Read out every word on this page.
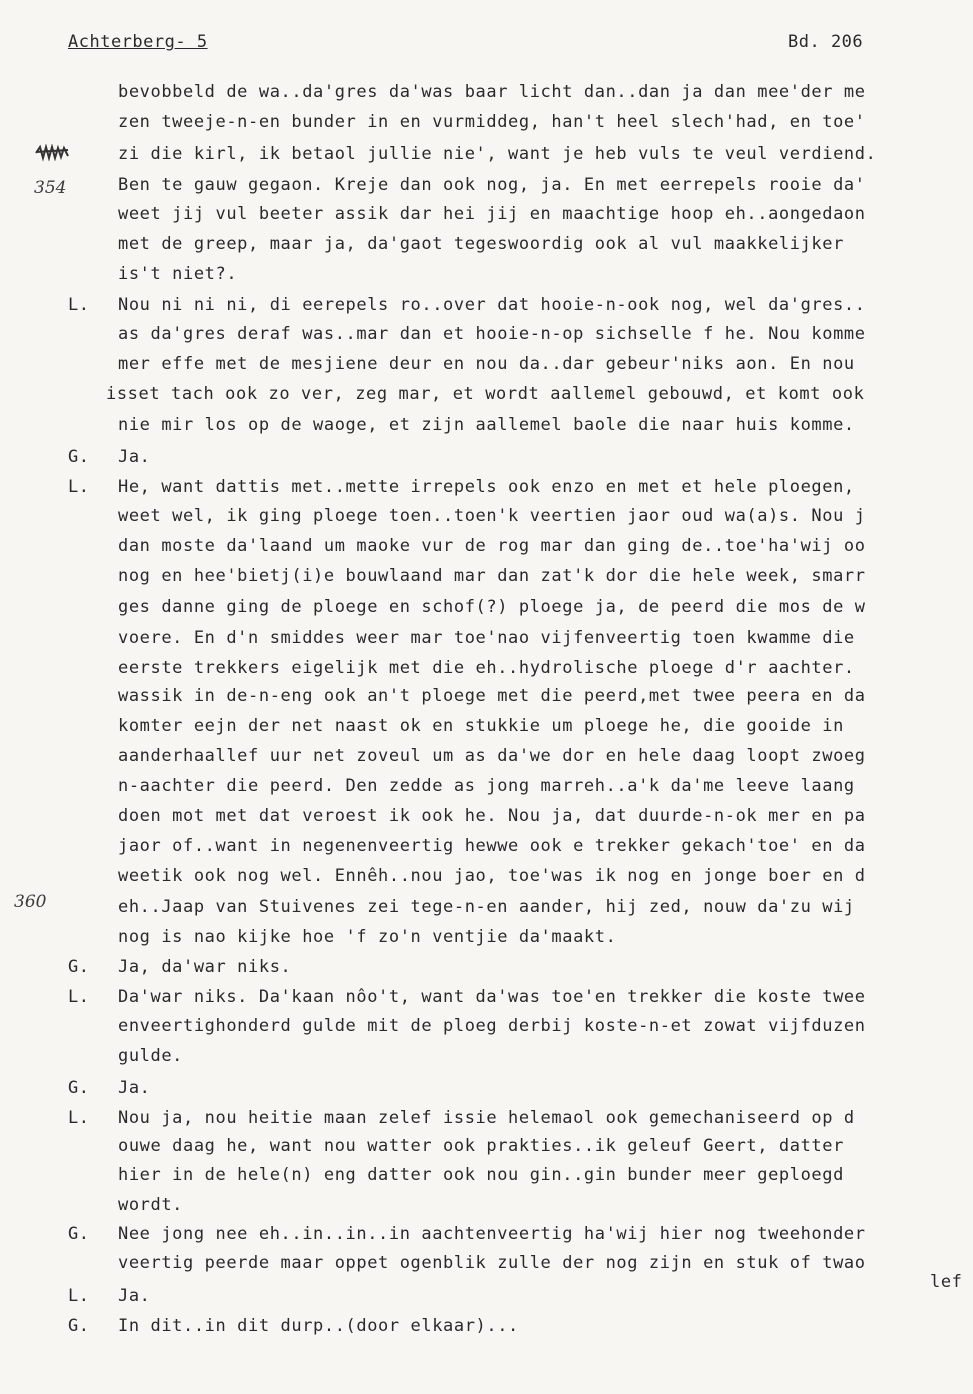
Achterberg- 5	Bd. 206
354
360
L.
G.
L.
G.
L.
G.
L.
G.
L.
G.
bevobbeld de wa..da'gres da'was baar licht dan..dan ja dan mee'der me
zen tweeje-n-en bunder in en vurmiddeg, han't heel slech'had, en toe'
zi die kirl, ik betaol jullie nie', want je heb vuls te veul verdiend.
Ben te gauw gegaon. Kreje dan ook nog, ja. En met eerrepels rooie da'
weet jij vul beeter assik dar hei jij en maachtige hoop eh..aongedaon
met de greep, maar ja, da'gaot tegeswoordig ook al vul maakkelijker
is't niet?.
Nou ni ni ni, di eerepels ro..over dat hooie-n-ook nog, wel da'gres..
as da'gres deraf was..mar dan et hooie-n-op sichselle f he. Nou komme
mer effe met de mesjiene deur en nou da..dar gebeur'niks aon. En nou
isset tach ook zo ver, zeg mar, et wordt aallemel gebouwd, et komt ook
nie mir los op de waoge, et zijn aallemel baole die naar huis komme.
Ja.
He, want dattis met..mette irrepels ook enzo en met et hele ploegen,
weet wel, ik ging ploege toen..toen'k veertien jaor oud wa(a)s. Nou j
dan moste da'laand um maoke vur de rog mar dan ging de..toe'ha'wij oo
nog en hee'bietj(i)e bouwlaand mar dan zat'k dor die hele week, smarr
ges danne ging de ploege en schof(?) ploege ja, de peerd die mos de w
voere. En d'n smiddes weer mar toe'nao vijfenveertig toen kwamme die
eerste trekkers eigelijk met die eh..hydrolische ploege d'r aachter.
wassik in de-n-eng ook an't ploege met die peerd,met twee peera en da
komter eejn der net naast ok en stukkie um ploege he, die gooide in
aanderhaallef uur net zoveul um as da'we dor en hele daag loopt zwoeg
n-aachter die peerd. Den zedde as jong marreh..a'k da'me leeve laang
doen mot met dat veroest ik ook he. Nou ja, dat duurde-n-ok mer en pa
jaor of..want in negenenveertig hewwe ook e trekker gekach'toe' en da
weetik ook nog wel. Ennêh..nou jao, toe'was ik nog en jonge boer en d
eh..Jaap van Stuivenes zei tege-n-en aander, hij zed, nouw da'zu wij
nog is nao kijke hoe 'f zo'n ventjie da'maakt.
Ja, da'war niks.
Da'war niks. Da'kaan nôo't, want da'was toe'en trekker die koste twee
enveertighonderd gulde mit de ploeg derbij koste-n-et zowat vijfduzen
gulde.
Ja.
Nou ja, nou heitie maan zelef issie helemaol ook gemechaniseerd op d
ouwe daag he, want nou watter ook prakties..ik geleuf Geert, datter
hier in de hele(n) eng datter ook nou gin..gin bunder meer geploegd
wordt.
Nee jong nee eh..in..in..in aachtenveertig ha'wij hier nog tweehonder
veertig peerde maar oppet ogenblik zulle der nog zijn en stuk of twao
lef
Ja.
In dit..in dit durp..(door elkaar)...
